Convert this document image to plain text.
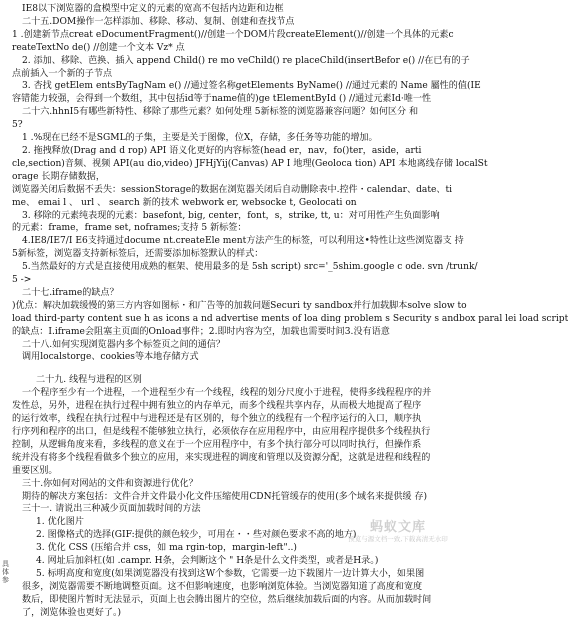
IE8以下浏览器的盒模型中定义的元素的宽高不包括内边距和边框
二十五.DOM操作一怎样添加、移除、移动、复制、创建和查找节点
1 .创建新节点creat eDocumentFragment()//创建一个DOM片段createElement()//创建一个具体的元素c
reateTextNo de() //创建一个文本 Vz* 点
2. 添加、移除、芭换、插入 append Child() re mo veChild() re placeChild(insertBefor e() //在已有的子
点前插入一个新的子节点
3. 杏找 getElem entsByTagNam e() //通过签名称getElements ByName() //通过元素的 Name 屬性的值(IE
容错能力较强，会得到一个数组，其中包括id等于name值的)ge tElementById () //通过元素Id·唯一性
二十六.hhnI5有哪些新特性、移除了那些元素？如何处理 5新标签的浏览器兼容问题？如何区分 和
5?
1 .%现在已经不是SGML的子集，主要是关于图像，位X，存储，多任务等功能的增加。
2. 拖拽释放(Drag and d rop) API 语义化更好的内容标签(head er，nav，fo()ter，aside，arti
cle,section)音频、视频 API(au dio,video) JFHjYij(Canvas) AP I 地理(Geoloca tion) API 本地离线存储 localSt
orage 长期存储数据，
浏览器关闭后数据不丢失：sessionStorage的数据在浏览器关闭后自动删除表中.控件・calendar、date、ti
me、 emai l 、 url 、 search 新的技术 webwork er, websocke t, Geolocati on
3. 移除的元素纯表现的元素：basefont, big, center，font，s，strike, tt, u：对可用性产生负面影响
的元素：frame，frame set, noframes;支持 5 新标签：
4.IE8/IE7/I E6支持通过docume nt.createEle ment方法产生的标签，可以利用这•特性让这些浏览器支 持
5新标签，浏览器支持新标签后，还需要添加标签默认的样式：
5.当然最好的方式是直接使用成熟的框架、使用最多的是 5sh script) src='_5shim.google c ode. svn /trunk/
5 ->
二十七.iframe的缺点？
)优点：解决加载缓慢的第三方内容如图标・和广告等的加载问题Securi ty sandbox并行加载脚本solve slow to
load third-party content sue h as icons a nd advertise ments of loa ding problem s Security s andbox paral lei load script
的缺点：I.iframe会阻塞主页面的Onload事件；2.即时内容为空，加载也需要时间3.没有语意
二十八.如何实现浏览器内多个标签页之间的通信？
调用localstorge、cookies等本地存储方式
二十九. 线程与进程的区别
一个程序至少有一个进程，一个进程至少有一个线程，线程的划分尺度小于进程，使得多线程程序的并
发性总，另外，进程在执行过程中拥有独立的内存单元，而多个线程共享内存，从而极大地提高了程序
的运行效率，线程在执行过程中与进程还是有区别的，每个独立的线程有一个程序运行的入口，顺序执
行序列和程序的出口，但是线程不能够独立执行，必须依存在应用程序中，由应用程序提供多个线程执行
控制，从逻辑角度来看，多线程的意义在于一个应用程序中，有多个执行部分可以同时执行，但操作系
统并没有将多个线程看做多个独立的应用，来实现进程的调度和管理以及资源分配，这就是进程和线程的
重要区别。
三十.你如何对网站的文件和资源进行优化？
期待的解决方案包括：文件合并文件最小化文件压缩使用CDN托管缓存的使用(多个域名来提供缓 存)
三十一. 请说出三种减少页面加载时间的方法
1. 优化图片
2. 图像格式的选择(GIF:提供的颜色较少，可用在・・些对颜色要求不高的地方)
3. 优化 CSS (压缩合并 css，如 ma rgin-top，margin-left"..)
4. 网址后加斜杠(如 .campr. H条，会判断这个 " H条是什么文件类型，或者是H录。)
5. 标明高度和宽度(如果浏览器没有找到这W个参数，它需要一边下载图片一边计算大小，如果图
很多，浏览器需要不断地调整页面。这不但影响速度，也影响浏览体验。当浏览器知道了高度和宽度
数后，即使图片暂时无法显示，页面上也会腾出图片的空位，然后继续加载后面的内容。从而加载时间
了，浏览体验也更好了。)
具体参
蚂蚁文库
预览与源文档一致,下载高清无水印
